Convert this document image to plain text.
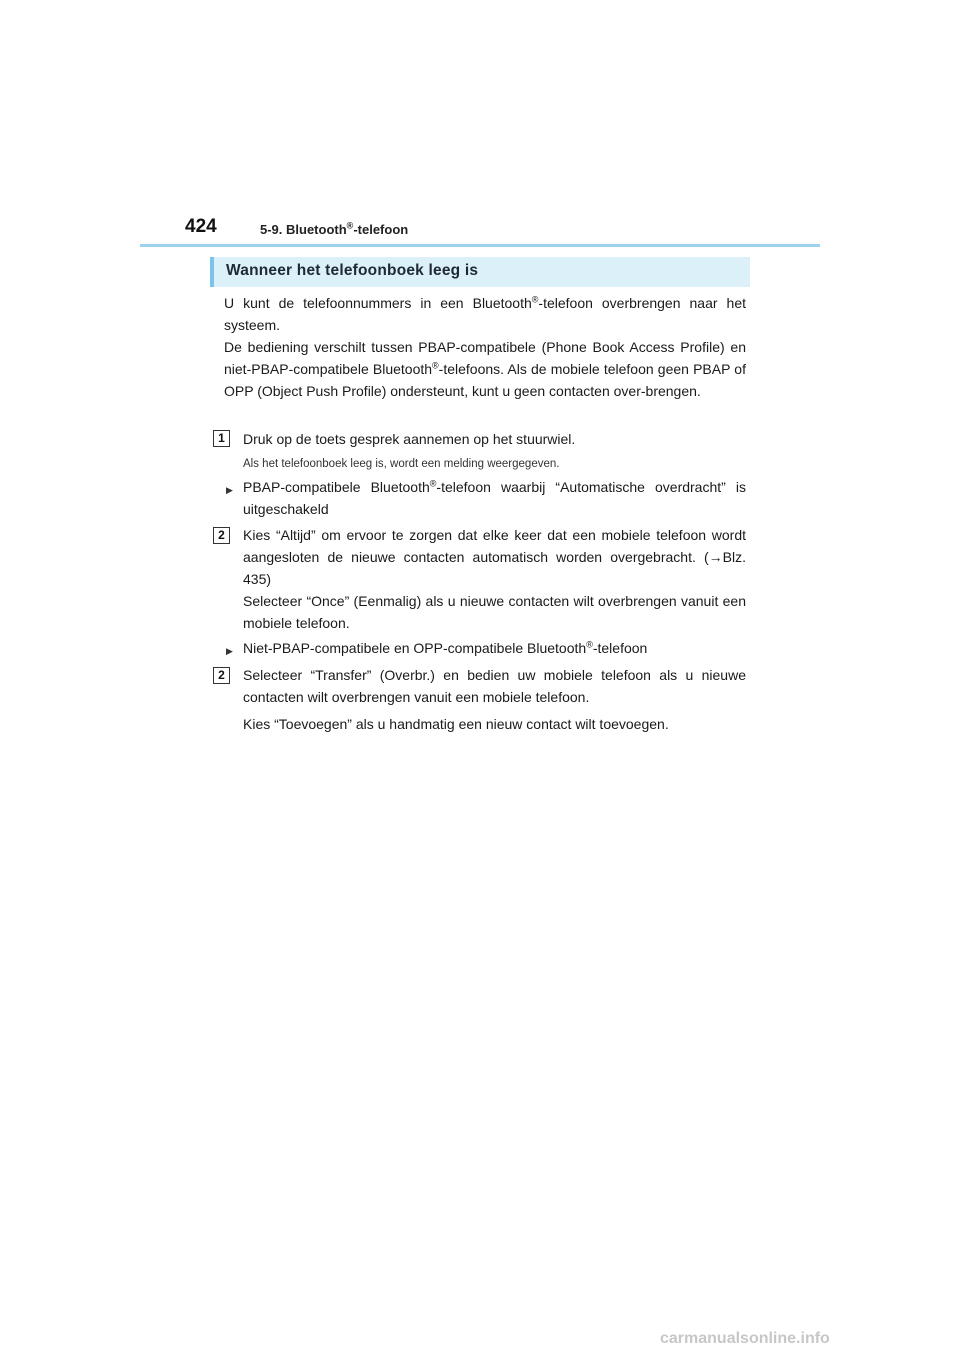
424	5-9. Bluetooth®-telefoon
Wanneer het telefoonboek leeg is

U kunt de telefoonnummers in een Bluetooth®-telefoon overbrengen naar het systeem.

De bediening verschilt tussen PBAP-compatibele (Phone Book Access Profile) en niet-PBAP-compatibele Bluetooth®-telefoons. Als de mobiele telefoon geen PBAP of OPP (Object Push Profile) ondersteunt, kunt u geen contacten over-brengen.

1	Druk op de toets gesprek aannemen op het stuurwiel.
Als het telefoonboek leeg is, wordt een melding weergegeven.
▶ PBAP-compatibele Bluetooth®-telefoon waarbij “Automatische overdracht” is uitgeschakeld
2	Kies “Altijd” om ervoor te zorgen dat elke keer dat een mobiele telefoon wordt aangesloten de nieuwe contacten automatisch worden overgebracht. (→Blz. 435)

Selecteer “Once” (Eenmalig) als u nieuwe contacten wilt overbrengen vanuit een mobiele telefoon.

▶ Niet-PBAP-compatibele en OPP-compatibele Bluetooth®-telefoon
2	Selecteer “Transfer” (Overbr.) en bedien uw mobiele telefoon als u nieuwe contacten wilt overbrengen vanuit een mobiele telefoon.

Kies “Toevoegen” als u handmatig een nieuw contact wilt toevoegen.

carmanualsonline.info
